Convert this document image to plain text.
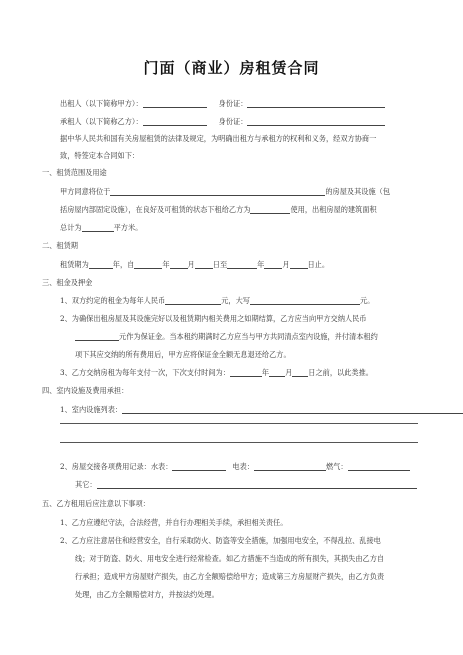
门面（商业）房租赁合同
出租人（以下简称甲方）：	身份证：
承租人（以下简称乙方）：	身份证：
据中华人民共和国有关房屋租赁的法律及规定，为明确出租方与承租方的权利和义务，经双方协商一
致，特签定本合同如下：
一、租赁范围及用途
甲方同意将位于	的房屋及其设施（包
括房屋内部固定设施），在良好及可租赁的状态下租给乙方为	使用，出租房屋的建筑面积
总计为	平方米。
二、租赁期
租赁期为	年，自	年	月	日至	年	月	日止。
三、租金及押金
1、双方约定的租金为每年人民币	元，大写	元。
2、为确保出租房屋及其设施完好以及租赁期内相关费用之如期结算，乙方应当向甲方交纳人民币
元作为保证金。当本租约期满时乙方应当与甲方共同清点室内设施，并付清本租约
项下其应交纳的所有费用后，甲方应将保证金全额无息退还给乙方。
3、乙方交纳房租为每年支付一次，下次支付时间为：	年 月 日之前，以此类推。
四、室内设施及费用承担：
1、室内设施列表：
2、房屋交接各项费用记录：水表：	电表：	燃气：
其它：
五、乙方租用后应注意以下事项：
1、乙方应遵纪守法，合法经营，并自行办理相关手续，承担相关责任。
2、乙方应注意居住和经营安全，自行采取防火、防盗等安全措施，加强用电安全，不得乱拉、乱接电
线；对于防盗、防火、用电安全进行经常检查。如乙方措施不当造成的所有损失，其损失由乙方自
行承担；造成甲方房屋财产损失，由乙方全额赔偿给甲方；造成第三方房屋财产损失，由乙方负责
处理，由乙方全额赔偿对方，并按法约处理。
